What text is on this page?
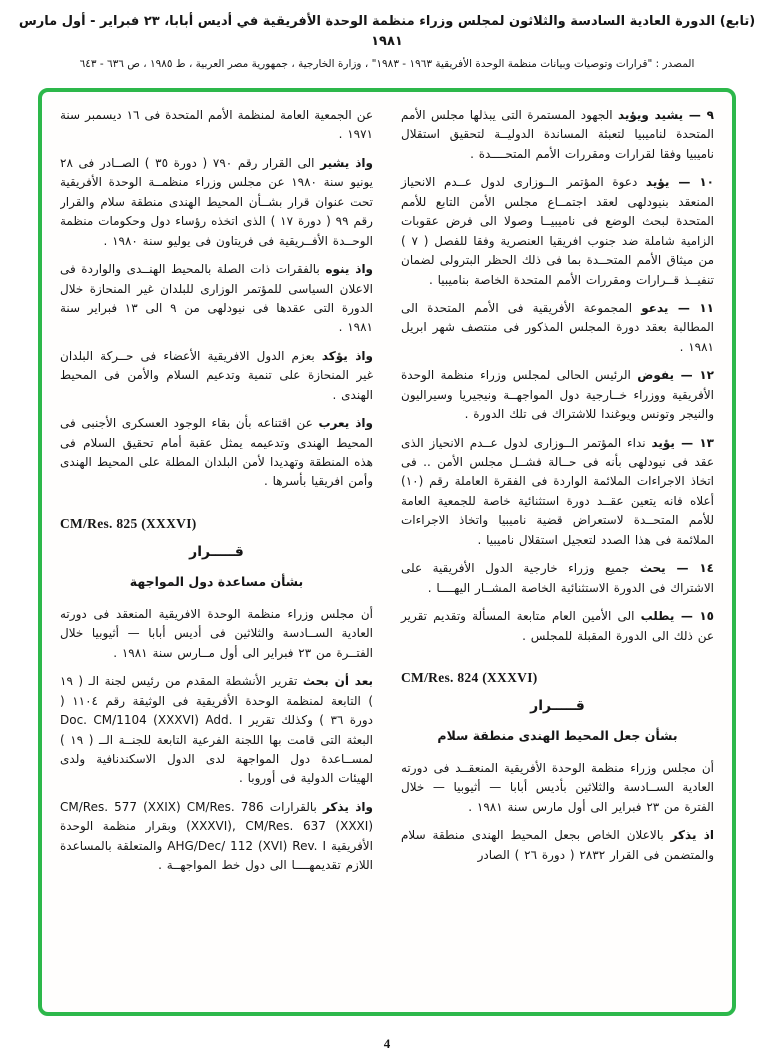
(تابع) الدورة العادية السادسة والثلاثون لمجلس وزراء منظمة الوحدة الأفريقية في أديس أبابا، ٢٣ فبراير - أول مارس ١٩٨١
المصدر : "قرارات وتوصيات وبيانات منظمة الوحدة الأفريقية ١٩٦٣ - ١٩٨٣" ، وزارة الخارجية ، جمهورية مصر العربية ، ط ١٩٨٥ ، ص ٦٣٦ - ٦٤٣

٩ — يشيد ويؤيد الجهود المستمرة التى يبذلها مجلس الأمم المتحدة لناميبيا لتعبئة المساندة الدوليــة لتحقيق استقلال ناميبيا وفقا لقرارات ومقررات الأمم المتحــــدة .

١٠ — يؤيد دعوة المؤتمر الــوزارى لدول عــدم الانحياز المنعقد بنيودلهى لعقد اجتمــاع مجلس الأمن التابع للأمم المتحدة لبحث الوضع فى ناميبيــا وصولا الى فرض عقوبات الزامية شاملة ضد جنوب افريقيا العنصرية وفقا للفصل ( ٧ ) من ميثاق الأمم المتحــدة بما فى ذلك الحظر البترولى لضمان تنفيــذ قــرارات ومقررات الأمم المتحدة الخاصة بناميبيا .

١١ — يدعو المجموعة الأفريقية فى الأمم المتحدة الى المطالبة بعقد دورة المجلس المذكور فى منتصف شهر ابريل ١٩٨١ .

١٢ — يفوض الرئيس الحالى لمجلس وزراء منظمة الوحدة الأفريقية ووزراء خــارجية دول المواجهــة ونيجيريا وسيراليون والنيجر وتونس ويوغندا للاشتراك فى تلك الدورة .

١٣ — يؤيد نداء المؤتمر الــوزارى لدول عــدم الانحياز الذى عقد فى نيودلهى بأنه فى حــالة فشــل مجلس الأمن .. فى اتخاذ الاجراءات الملائمة الواردة فى الفقرة العاملة رقم (١٠) أعلاه فانه يتعين عقــد دورة استثنائية خاصة للجمعية العامة للأمم المتحــدة لاستعراض قضية ناميبيا واتخاذ الاجراءات الملائمة فى هذا الصدد لتعجيل استقلال ناميبيا .

١٤ — يحث جميع وزراء خارجية الدول الأفريقية على الاشتراك فى الدورة الاستثنائية الخاصة المشــار اليهــــا .

١٥ — يطلب الى الأمين العام متابعة المسألة وتقديم تقرير عن ذلك الى الدورة المقبلة للمجلس .

CM/Res. 824 (XXXVI)

قـــــرار

بشأن جعل المحيط الهندى منطقة سلام

أن مجلس وزراء منظمة الوحدة الأفريقية المنعقــد فى دورته العادية الســادسة والثلاثين بأديس أبابا — أثيوبيا — خلال الفترة من ٢٣ فبراير الى أول مارس سنة ١٩٨١ .

اذ يذكر بالاعلان الخاص بجعل المحيط الهندى منطقة سلام والمتضمن فى القرار ٢٨٣٢ ( دورة ٢٦ ) الصادر

عن الجمعية العامة لمنظمة الأمم المتحدة فى ١٦ ديسمبر سنة ١٩٧١ .

واذ يشير الى القرار رقم ٧٩٠ ( دورة ٣٥ ) الصــادر فى ٢٨ يونيو سنة ١٩٨٠ عن مجلس وزراء منظمــة الوحدة الأفريقية تحت عنوان قرار بشــأن المحيط الهندى منطقة سلام والقرار رقم ٩٩ ( دورة ١٧ ) الذى اتخذه رؤساء دول وحكومات منظمة الوحــدة الأفــريقية فى فريتاون فى يوليو سنة ١٩٨٠ .

واذ ينوه بالفقرات ذات الصلة بالمحيط الهنــدى والواردة فى الاعلان السياسى للمؤتمر الوزارى للبلدان غير المنحازة خلال الدورة التى عقدها فى نيودلهى من ٩ الى ١٣ فبراير سنة ١٩٨١ .

واذ يؤكد بعزم الدول الافريقية الأعضاء فى حــركة البلدان غير المنحازة على تنمية وتدعيم السلام والأمن فى المحيط الهندى .

واذ يعرب عن اقتناعه بأن بقاء الوجود العسكرى الأجنبى فى المحيط الهندى وتدعيمه يمثل عقبة أمام تحقيق السلام فى هذه المنطقة وتهديدا لأمن البلدان المطلة على المحيط الهندى وأمن افريقيا بأسرها .

CM/Res. 825 (XXXVI)

قـــــرار

بشأن مساعدة دول المواجهة

أن مجلس وزراء منظمة الوحدة الافريقية المنعقد فى دورته العادية الســادسة والثلاثين فى أديس أبابا — أثيوبيا خلال الفتــرة من ٢٣ فبراير الى أول مــارس سنة ١٩٨١ .

بعد أن بحث تقرير الأنشطة المقدم من رئيس لجنة الـ ( ١٩ ) التابعة لمنظمة الوحدة الأفريقية فى الوثيقة رقم ١١٠٤ ( دورة ٣٦ ) وكذلك تقرير Doc. CM/1104 (XXXVI) Add. I البعثة التى قامت بها اللجنة الفرعية التابعة للجنــة الــ ( ١٩ ) لمســاعدة دول المواجهة لدى الدول الاسكندنافية ولدى الهيئات الدولية فى أوروبا .

واذ يذكر بالقرارات CM/Res. 577 (XXIX) CM/Res. 786 (XXXVI), CM/Res. 637 (XXXI) وبقرار منظمة الوحدة الأفريقية AHG/Dec/ 112 (XVI) Rev. I والمتعلقة بالمساعدة اللازم تقديمهــــا الى دول خط المواجهــة .

4
